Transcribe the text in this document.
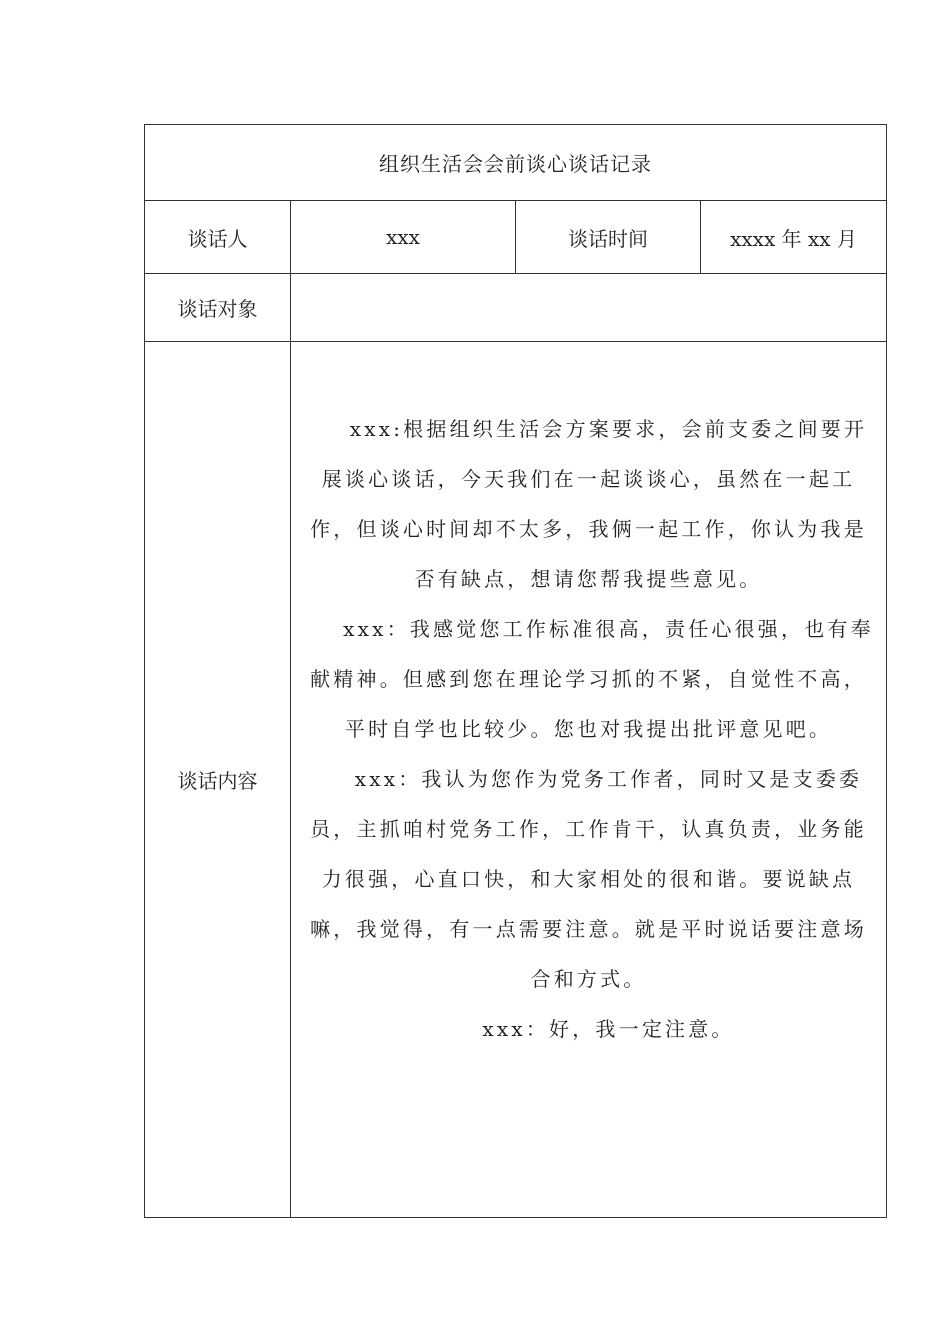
组织生活会会前谈心谈话记录			
谈话人	xxx	谈话时间	xxxx 年 xx 月
谈话对象			
谈话内容	xxx:根据组织生活会方案要求，会前支委之间要开展谈心谈话，今天我们在一起谈谈心，虽然在一起工作，但谈心时间却不太多，我俩一起工作，你认为我是否有缺点，想请您帮我提些意见。

xxx：我感觉您工作标准很高，责任心很强，也有奉献精神。但感到您在理论学习抓的不紧，自觉性不高，平时自学也比较少。您也对我提出批评意见吧。

xxx：我认为您作为党务工作者，同时又是支委委员，主抓咱村党务工作，工作肯干，认真负责，业务能力很强，心直口快，和大家相处的很和谐。要说缺点嘛，我觉得，有一点需要注意。就是平时说话要注意场合和方式。

xxx：好，我一定注意。		
